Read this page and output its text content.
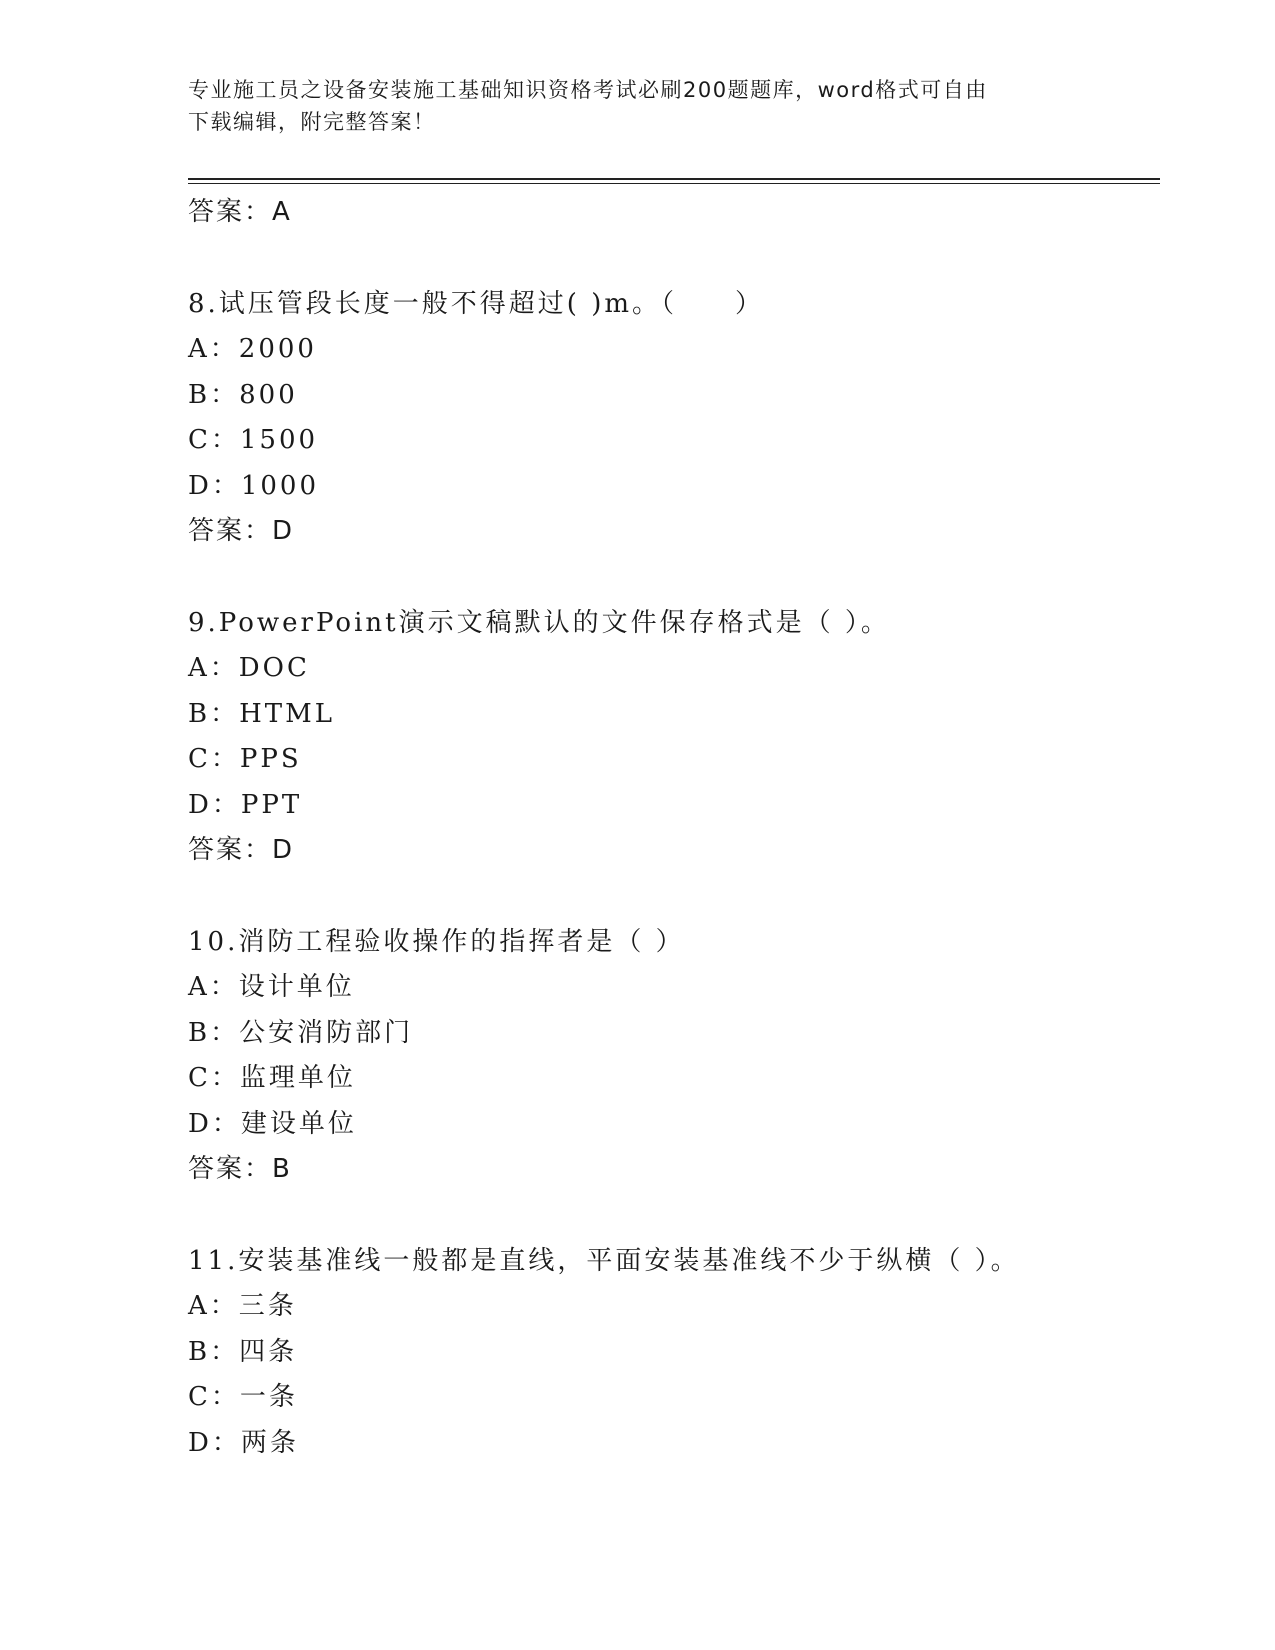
专业施工员之设备安装施工基础知识资格考试必刷200题题库，word格式可自由
下载编辑，附完整答案！
答案：A
8.试压管段长度一般不得超过( )m。（　　）
A：2000
B：800
C：1500
D：1000
答案：D
9.PowerPoint演示文稿默认的文件保存格式是（ ）。
A：DOC
B：HTML
C：PPS
D：PPT
答案：D
10.消防工程验收操作的指挥者是（ ）
A：设计单位
B：公安消防部门
C：监理单位
D：建设单位
答案：B
11.安装基准线一般都是直线，平面安装基准线不少于纵横（ ）。
A：三条
B：四条
C：一条
D：两条
